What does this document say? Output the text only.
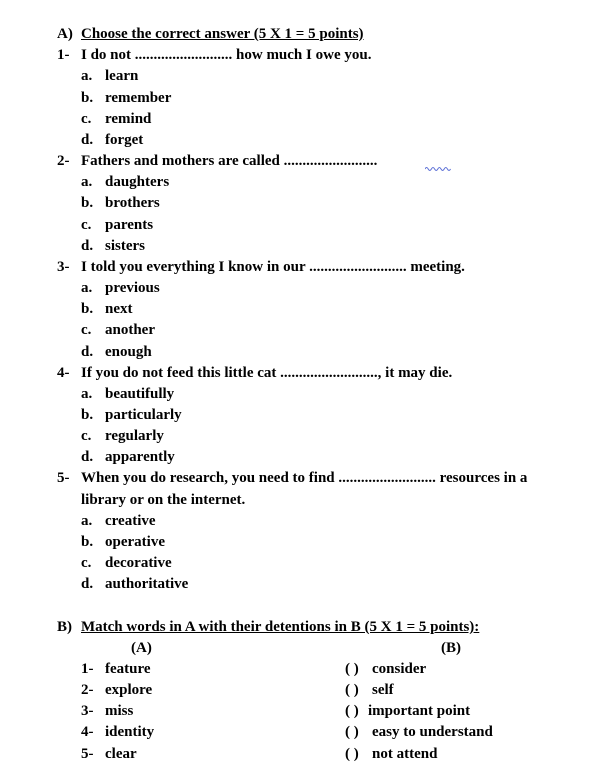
A) Choose the correct answer (5 X 1 = 5 points)
1- I do not .......................... how much I owe you.
a. learn
b. remember
c. remind
d. forget
2- Fathers and mothers are called .........................
a. daughters
b. brothers
c. parents
d. sisters
3- I told you everything I know in our .......................... meeting.
a. previous
b. next
c. another
d. enough
4- If you do not feed this little cat .........................., it may die.
a. beautifully
b. particularly
c. regularly
d. apparently
5- When you do research, you need to find .......................... resources in a
library or on the internet.
a. creative
b. operative
c. decorative
d. authoritative
B) Match words in A with their detentions in B (5 X 1 = 5 points):
(A)	(B)
1- feature	( ) consider
2- explore	( ) self
3- miss	( ) important point
4- identity	( ) easy to understand
5- clear	( ) not attend
